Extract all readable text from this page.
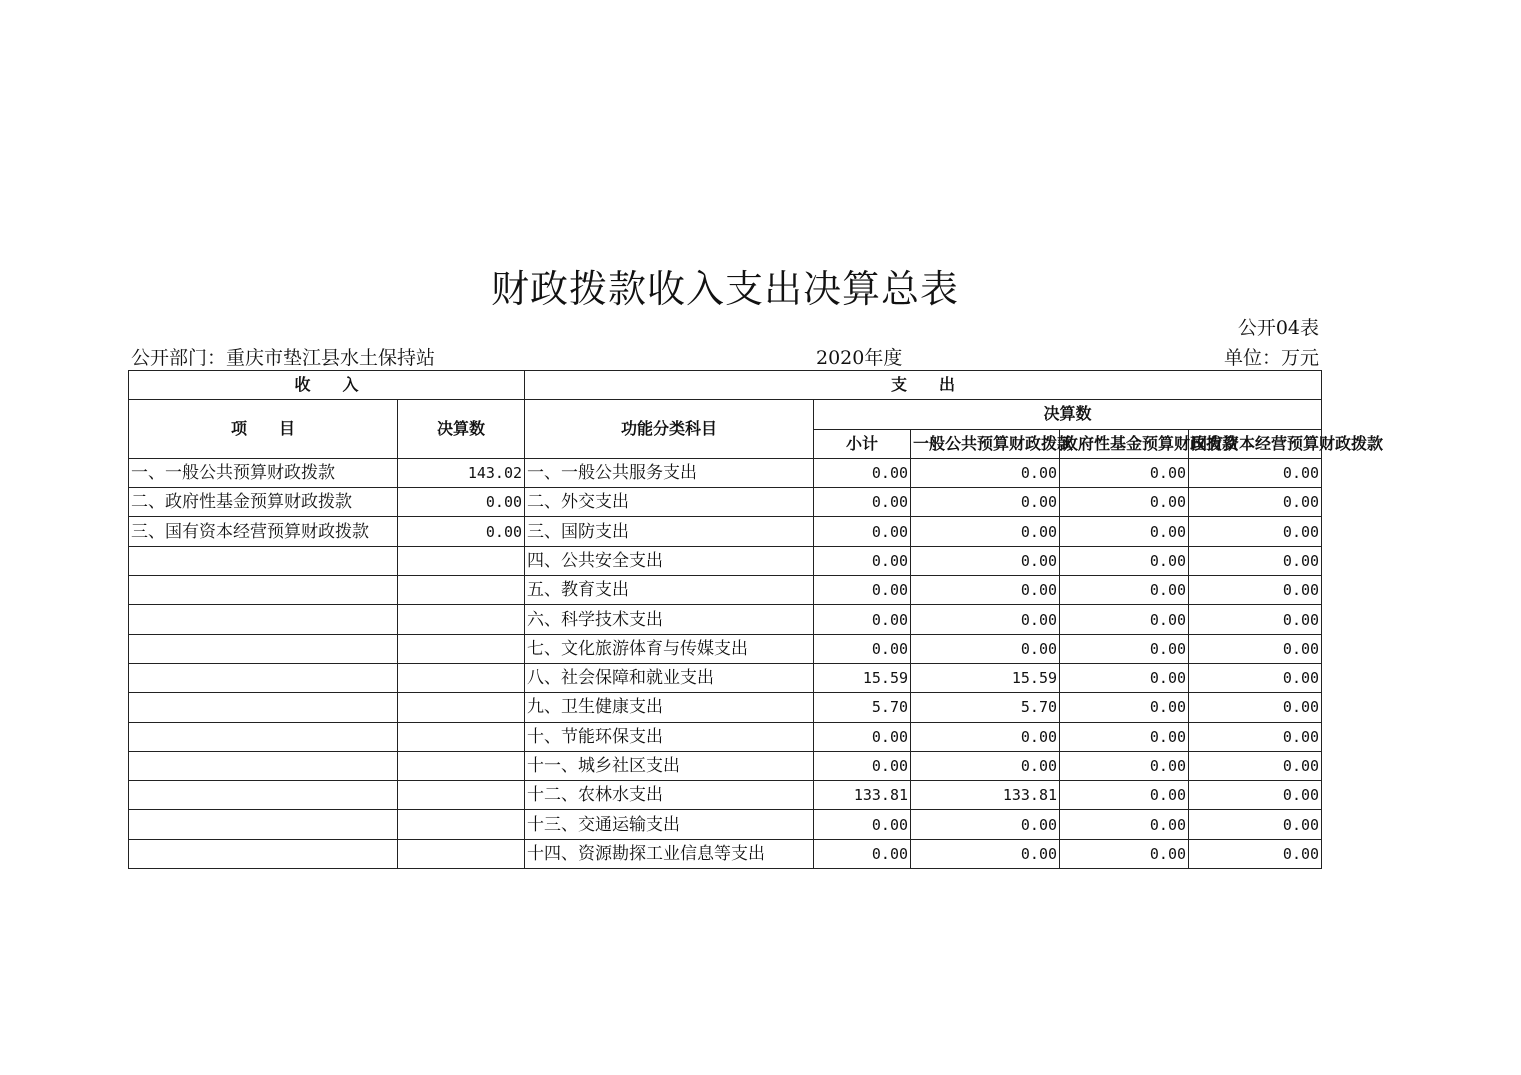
财政拨款收入支出决算总表
公开04表
公开部门：重庆市垫江县水土保持站	2020年度	单位：万元
收　　入		支　　出				
项　　目	决算数	功能分类科目	决算数			
			小计	一般公共预算财政拨款	政府性基金预算财政拨款	国有资本经营预算财政拨款
一、一般公共预算财政拨款	143.02	一、一般公共服务支出	0.00	0.00	0.00	0.00
二、政府性基金预算财政拨款	0.00	二、外交支出	0.00	0.00	0.00	0.00
三、国有资本经营预算财政拨款	0.00	三、国防支出	0.00	0.00	0.00	0.00
		四、公共安全支出	0.00	0.00	0.00	0.00
		五、教育支出	0.00	0.00	0.00	0.00
		六、科学技术支出	0.00	0.00	0.00	0.00
		七、文化旅游体育与传媒支出	0.00	0.00	0.00	0.00
		八、社会保障和就业支出	15.59	15.59	0.00	0.00
		九、卫生健康支出	5.70	5.70	0.00	0.00
		十、节能环保支出	0.00	0.00	0.00	0.00
		十一、城乡社区支出	0.00	0.00	0.00	0.00
		十二、农林水支出	133.81	133.81	0.00	0.00
		十三、交通运输支出	0.00	0.00	0.00	0.00
		十四、资源勘探工业信息等支出	0.00	0.00	0.00	0.00
